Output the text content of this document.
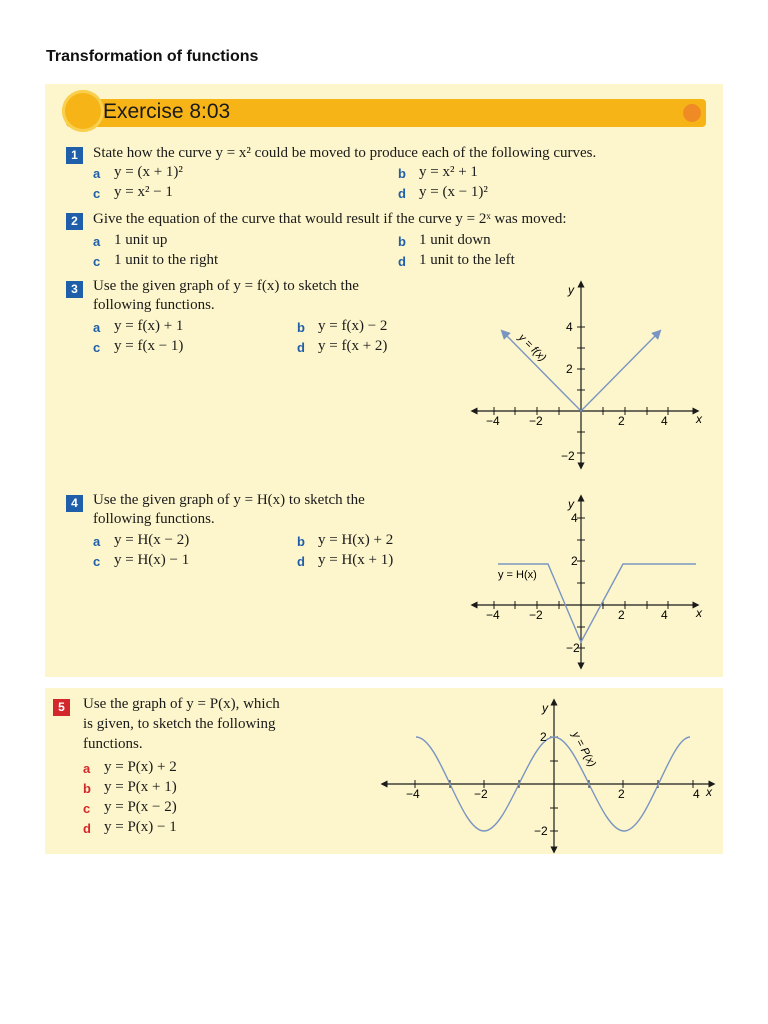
Transformation of functions
Exercise 8:03
1	State how the curve y = x² could be moved to produce each of the following curves.
a y = (x + 1)²	b y = x² + 1
c y = x² − 1	d y = (x − 1)²
2	Give the equation of the curve that would result if the curve y = 2ˣ was moved:
a 1 unit up	b 1 unit down
c 1 unit to the right	d 1 unit to the left
3	Use the given graph of y = f(x) to sketch the
following functions.
a y = f(x) + 1	b y = f(x) − 2
c y = f(x − 1)	d y = f(x + 2)
y
x
−4 −2	2	4
4
2
−2
y = f(x)
4	Use the given graph of y = H(x) to sketch the
following functions.
a y = H(x − 2)	b y = H(x) + 2
c y = H(x) − 1	d y = H(x + 1)
y
x
−4 −2	2	4
4
2
−2
y = H(x)
5	Use the graph of y = P(x), which
is given, to sketch the following
functions.
a y = P(x) + 2
b y = P(x + 1)
c y = P(x − 2)
d y = P(x) − 1
y
x
−4	−2	2	4
2
−2
y = P(x)
